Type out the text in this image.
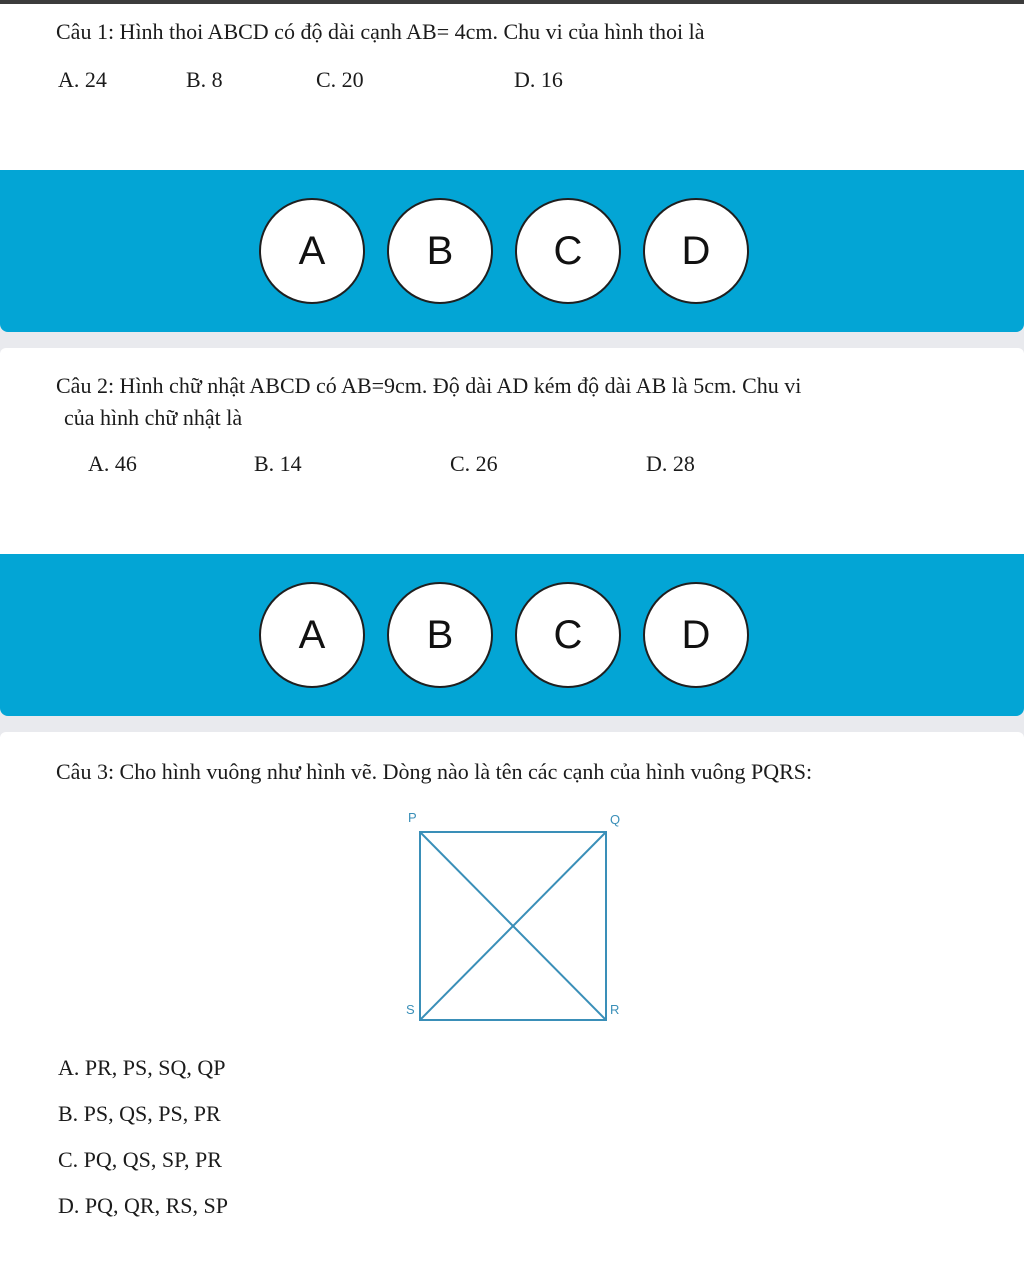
Câu 1: Hình thoi ABCD có độ dài cạnh AB= 4cm. Chu vi của hình thoi là
A. 24	B. 8	C. 20	D. 16
A	B	C	D
Câu 2: Hình chữ nhật ABCD có AB=9cm. Độ dài AD kém độ dài AB là 5cm. Chu vi
của hình chữ nhật là
A. 46	B. 14	C. 26	D. 28
A	B	C	D
Câu 3: Cho hình vuông như hình vẽ. Dòng nào là tên các cạnh của hình vuông PQRS:
A. PR, PS, SQ, QP
B. PS, QS, PS, PR
C. PQ, QS, SP, PR
D. PQ, QR, RS, SP
P	Q
S	R
